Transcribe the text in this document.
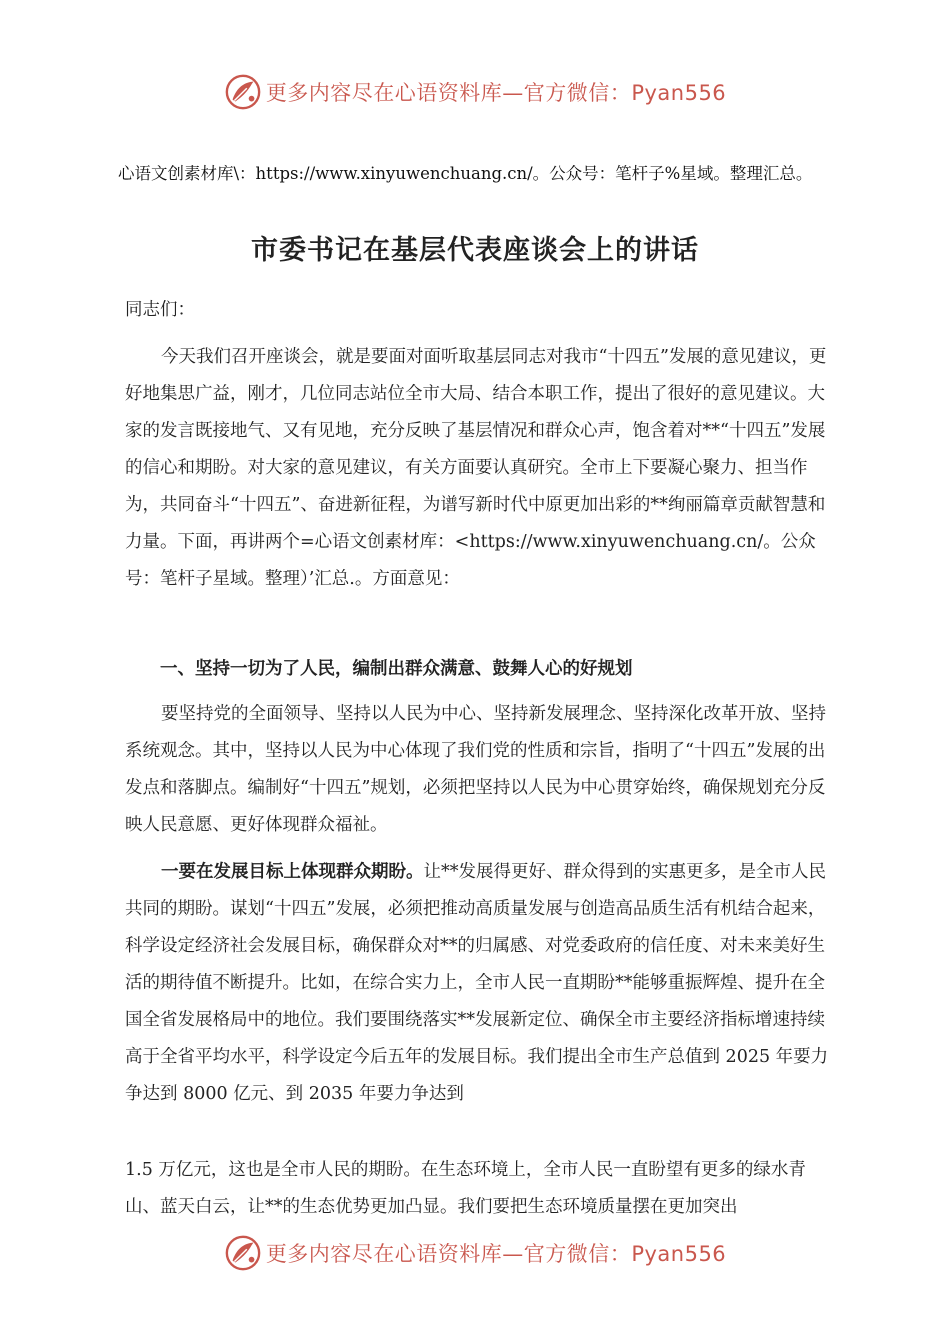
更多内容尽在心语资料库—官方微信：Pyan556
心语文创素材库\：https://www.xinyuwenchuang.cn/。公众号：笔杆子%星域。整理汇总。
市委书记在基层代表座谈会上的讲话
同志们：
今天我们召开座谈会，就是要面对面听取基层同志对我市“十四五”发展的意见建议，更好地集思广益，刚才，几位同志站位全市大局、结合本职工作，提出了很好的意见建议。大家的发言既接地气、又有见地，充分反映了基层情况和群众心声，饱含着对**“十四五”发展的信心和期盼。对大家的意见建议，有关方面要认真研究。全市上下要凝心聚力、担当作为，共同奋斗“十四五”、奋进新征程，为谱写新时代中原更加出彩的**绚丽篇章贡献智慧和力量。下面，再讲两个=心语文创素材库：<https://www.xinyuwenchuang.cn/。公众号：笔杆子星域。整理）’汇总.。方面意见：
一、坚持一切为了人民，编制出群众满意、鼓舞人心的好规划
要坚持党的全面领导、坚持以人民为中心、坚持新发展理念、坚持深化改革开放、坚持系统观念。其中，坚持以人民为中心体现了我们党的性质和宗旨，指明了“十四五”发展的出发点和落脚点。编制好“十四五”规划，必须把坚持以人民为中心贯穿始终，确保规划充分反映人民意愿、更好体现群众福祉。
一要在发展目标上体现群众期盼。让**发展得更好、群众得到的实惠更多，是全市人民共同的期盼。谋划“十四五”发展，必须把推动高质量发展与创造高品质生活有机结合起来，科学设定经济社会发展目标，确保群众对**的归属感、对党委政府的信任度、对未来美好生活的期待值不断提升。比如，在综合实力上，全市人民一直期盼**能够重振辉煌、提升在全国全省发展格局中的地位。我们要围绕落实**发展新定位、确保全市主要经济指标增速持续高于全省平均水平，科学设定今后五年的发展目标。我们提出全市生产总值到 2025 年要力争达到 8000 亿元、到 2035 年要力争达到
1.5 万亿元，这也是全市人民的期盼。在生态环境上，全市人民一直盼望有更多的绿水青山、蓝天白云，让**的生态优势更加凸显。我们要把生态环境质量摆在更加突出
更多内容尽在心语资料库—官方微信：Pyan556
